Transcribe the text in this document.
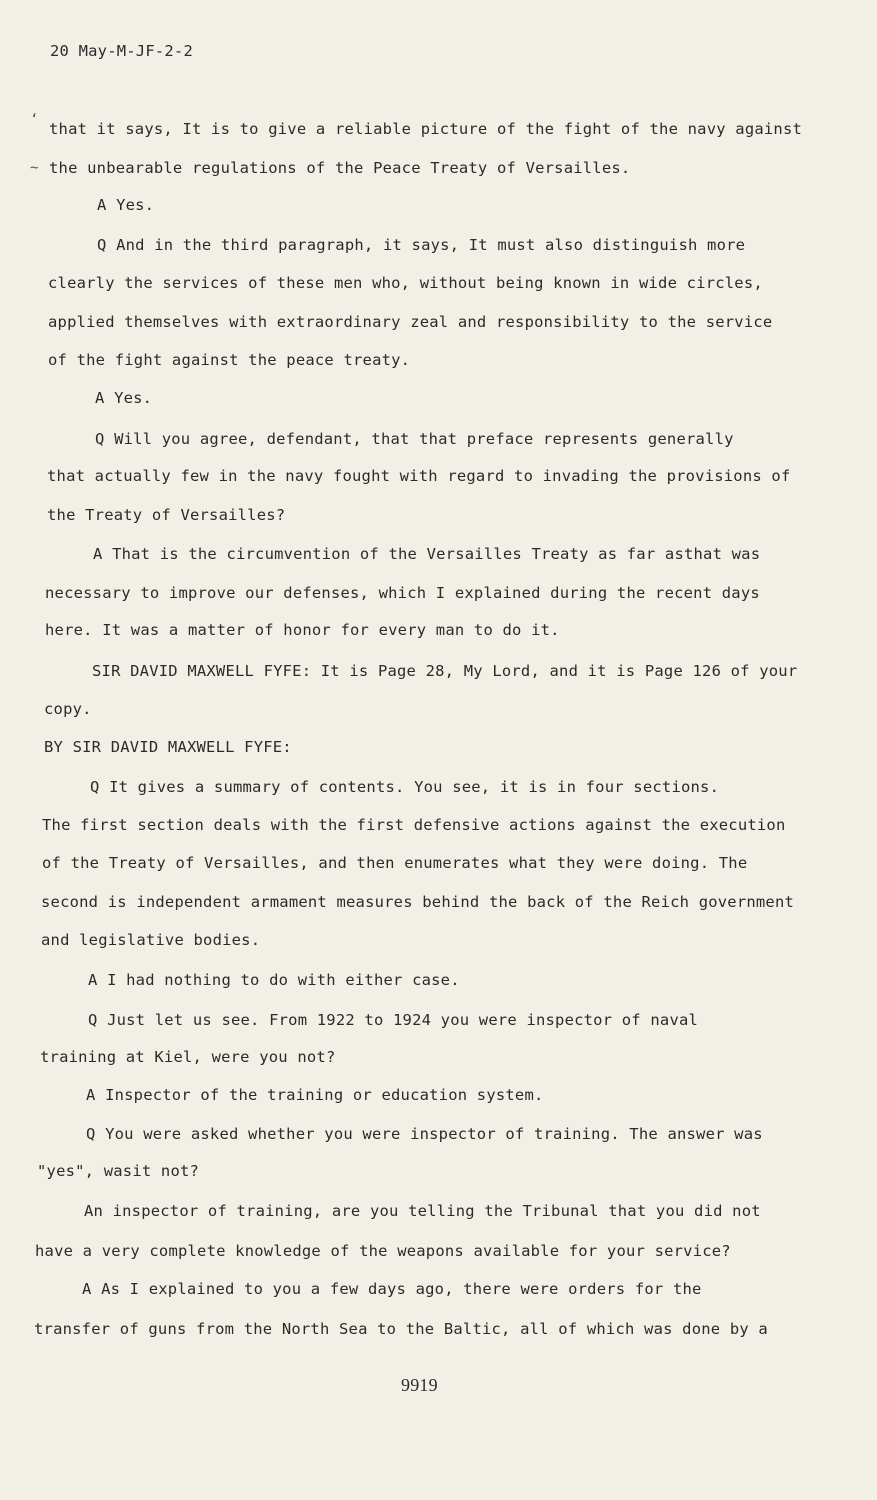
20 May-M-JF-2-2
‘
~
that it says, It is to give a reliable picture of the fight of the navy against
the unbearable regulations of the Peace Treaty of Versailles.
A Yes.
Q And in the third paragraph, it says, It must also distinguish more
clearly the services of these men who, without being known in wide circles,
applied themselves with extraordinary zeal and responsibility to the service
of the fight against the peace treaty.
A Yes.
Q Will you agree, defendant, that that preface represents generally
that actually few in the navy fought with regard to invading the provisions of
the Treaty of Versailles?
A That is the circumvention of the Versailles Treaty as far asthat was
necessary to improve our defenses, which I explained during the recent days
here. It was a matter of honor for every man to do it.
SIR DAVID MAXWELL FYFE: It is Page 28, My Lord, and it is Page 126 of your
copy.
BY SIR DAVID MAXWELL FYFE:
Q It gives a summary of contents. You see, it is in four sections.
The first section deals with the first defensive actions against the execution
of the Treaty of Versailles, and then enumerates what they were doing. The
second is independent armament measures behind the back of the Reich government
and legislative bodies.
A I had nothing to do with either case.
Q Just let us see. From 1922 to 1924 you were inspector of naval
training at Kiel, were you not?
A Inspector of the training or education system.
Q You were asked whether you were inspector of training. The answer was
"yes", wasit not?
An inspector of training, are you telling the Tribunal that you did not
have a very complete knowledge of the weapons available for your service?
A As I explained to you a few days ago, there were orders for the
transfer of guns from the North Sea to the Baltic, all of which was done by a
9919
